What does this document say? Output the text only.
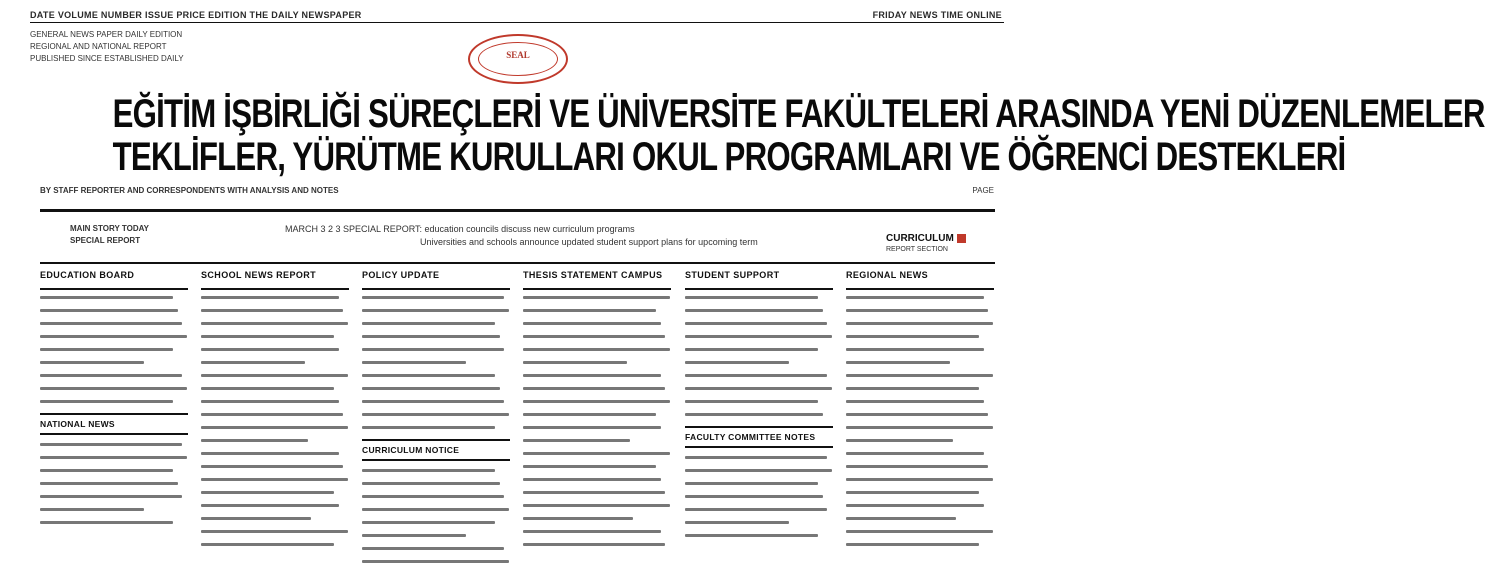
DATE VOLUME NUMBER ISSUE PRICE EDITION THE DAILY NEWSPAPER	FRIDAY NEWS TIME ONLINE
GENERAL NEWS PAPER DAILY EDITION
REGIONAL AND NATIONAL REPORT
PUBLISHED SINCE ESTABLISHED DAILY	SEAL
EĞİTİM İŞBİRLİĞİ SÜREÇLERİ VE ÜNİVERSİTE FAKÜLTELERİ ARASINDA YENİ DÜZENLEMELER
TEKLİFLER, YÜRÜTME KURULLARI OKUL PROGRAMLARI VE ÖĞRENCİ DESTEKLERİ
BY STAFF REPORTER AND CORRESPONDENTS WITH ANALYSIS AND NOTES	PAGE
MAIN STORY TODAY
SPECIAL REPORT
MARCH 3 2 3 SPECIAL REPORT: education councils discuss new curriculum programs
Universities and schools announce updated student support plans for upcoming term	CURRICULUM
REPORT SECTION
EDUCATION BOARD
NATIONAL NEWS
SCHOOL NEWS REPORT	POLICY UPDATE
CURRICULUM NOTICE
THESIS STATEMENT CAMPUS	STUDENT SUPPORT
FACULTY COMMITTEE NOTES
REGIONAL NEWS
